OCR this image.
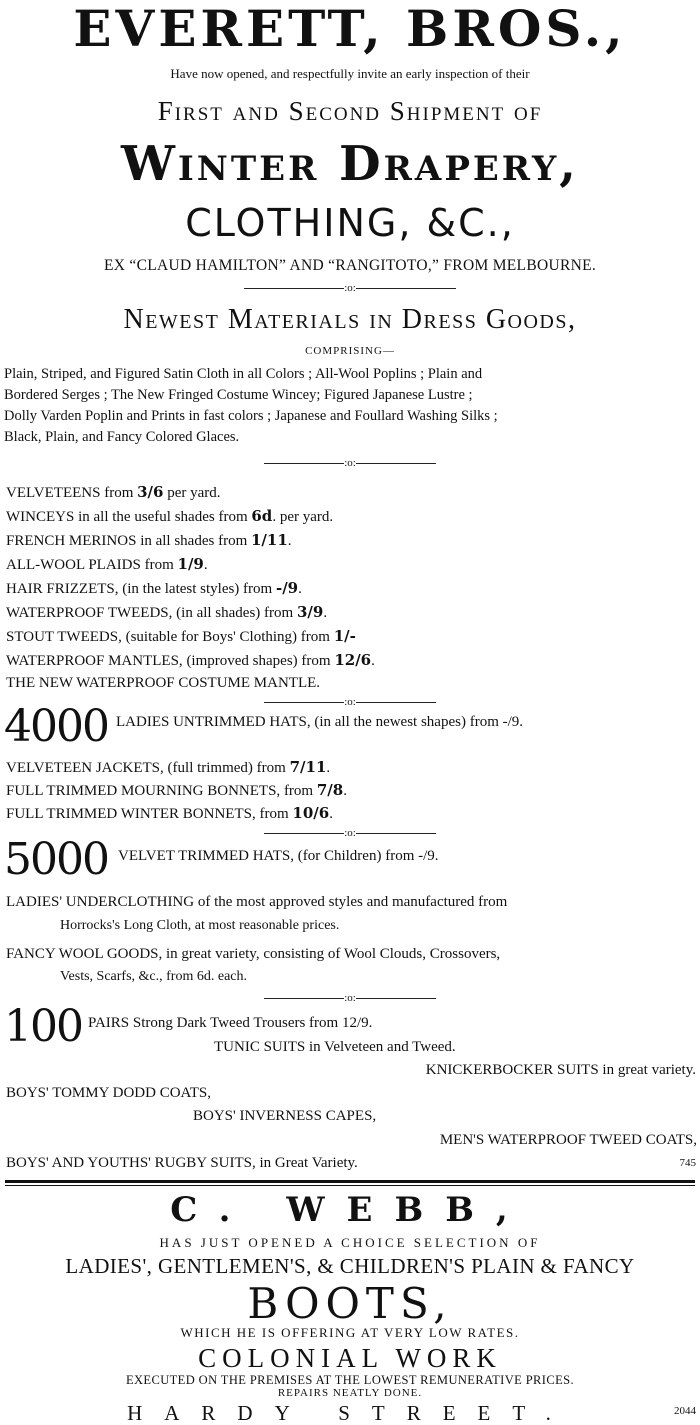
EVERETT, BROS.,
Have now opened, and respectfully invite an early inspection of their
First and Second Shipment of
Winter Drapery,
CLOTHING, &C.,
EX “CLAUD HAMILTON” AND “RANGITOTO,” FROM MELBOURNE.
:o:
Newest Materials in Dress Goods,
COMPRISING—
Plain, Striped, and Figured Satin Cloth in all Colors ; All-Wool Poplins ; Plain and
Bordered Serges ; The New Fringed Costume Wincey; Figured Japanese Lustre ;
Dolly Varden Poplin and Prints in fast colors ; Japanese and Foullard Washing Silks ;
Black, Plain, and Fancy Colored Glaces.
:o:
VELVETEENS from 3/6 per yard.
WINCEYS in all the useful shades from 6d. per yard.
FRENCH MERINOS in all shades from 1/11.
ALL-WOOL PLAIDS from 1/9.
HAIR FRIZZETS, (in the latest styles) from -/9.
WATERPROOF TWEEDS, (in all shades) from 3/9.
STOUT TWEEDS, (suitable for Boys' Clothing) from 1/-
WATERPROOF MANTLES, (improved shapes) from 12/6.
THE NEW WATERPROOF COSTUME MANTLE.
:o:
4000 LADIES UNTRIMMED HATS, (in all the newest shapes) from -/9.
VELVETEEN JACKETS, (full trimmed) from 7/11.
FULL TRIMMED MOURNING BONNETS, from 7/8.
FULL TRIMMED WINTER BONNETS, from 10/6.
:o:
5000 VELVET TRIMMED HATS, (for Children) from -/9.
LADIES' UNDERCLOTHING of the most approved styles and manufactured from
Horrocks's Long Cloth, at most reasonable prices.
FANCY WOOL GOODS, in great variety, consisting of Wool Clouds, Crossovers,
Vests, Scarfs, &c., from 6d. each.
:o:
100 PAIRS Strong Dark Tweed Trousers from 12/9.
TUNIC SUITS in Velveteen and Tweed.
KNICKERBOCKER SUITS in great variety.
BOYS' TOMMY DODD COATS,
BOYS' INVERNESS CAPES,
MEN'S WATERPROOF TWEED COATS,
BOYS' AND YOUTHS' RUGBY SUITS, in Great Variety.	745
C. WEBB,
HAS JUST OPENED A CHOICE SELECTION OF
LADIES', GENTLEMEN'S, & CHILDREN'S PLAIN & FANCY
BOOTS,
WHICH HE IS OFFERING AT VERY LOW RATES.
COLONIAL WORK
EXECUTED ON THE PREMISES AT THE LOWEST REMUNERATIVE PRICES.
REPAIRS NEATLY DONE.
HARDY STREET.	2044
